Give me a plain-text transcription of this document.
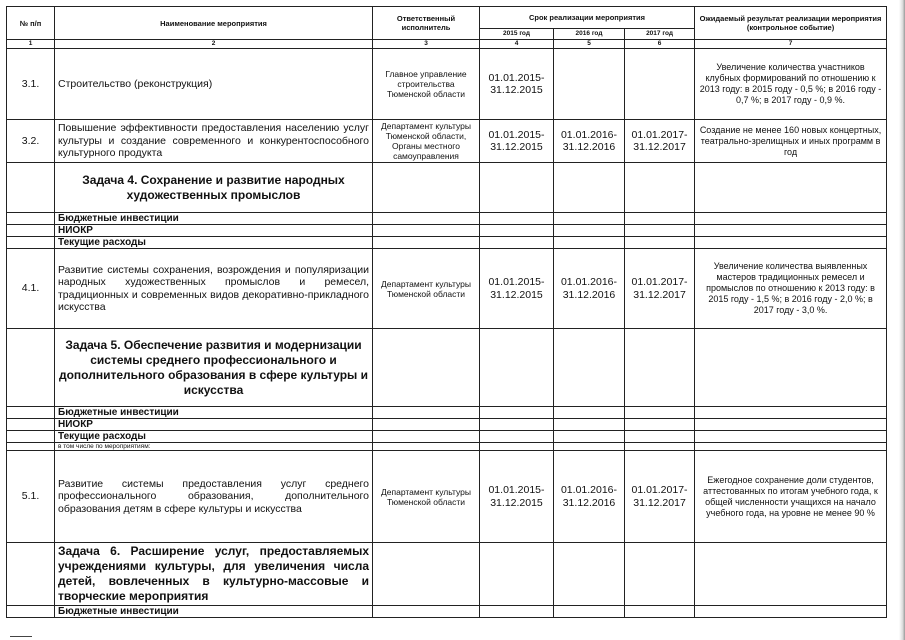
№ п/п	Наименование мероприятия	Ответственный исполнитель	Срок реализации мероприятия			Ожидаемый результат реализации мероприятия (контрольное событие)
			2015 год	2016 год	2017 год	
1	2	3	4	5	6	7
3.1.	Строительство (реконструкция)	Главное управление строительства Тюменской области	01.01.2015-31.12.2015			Увеличение количества участников клубных формирований по отношению к 2013 году: в 2015 году - 0,5 %; в 2016 году - 0,7 %; в 2017 году - 0,9 %.
3.2.	Повышение эффективности предоставления населению услуг культуры и создание современного и конкурентоспособного культурного продукта	Департамент культуры Тюменской области, Органы местного самоуправления	01.01.2015-31.12.2015	01.01.2016-31.12.2016	01.01.2017-31.12.2017	Создание не менее 160 новых концертных, театрально-зрелищных и иных программ в год
	Задача 4. Сохранение и развитие народных художественных промыслов					
	Бюджетные инвестиции					
	НИОКР					
	Текущие расходы					
4.1.	Развитие системы сохранения, возрождения и популяризации народных художественных промыслов и ремесел, традиционных и современных видов декоративно-прикладного искусства	Департамент культуры Тюменской области	01.01.2015-31.12.2015	01.01.2016-31.12.2016	01.01.2017-31.12.2017	Увеличение количества выявленных мастеров традиционных ремесел и промыслов по отношению к 2013 году: в 2015 году - 1,5 %; в 2016 году - 2,0 %; в 2017 году - 3,0 %.
	Задача 5. Обеспечение развития и модернизации системы среднего профессионального и дополнительного образования в сфере культуры и искусства					
	Бюджетные инвестиции					
	НИОКР					
	Текущие расходы					
	в том числе по мероприятиям:					
5.1.	Развитие системы предоставления услуг среднего профессионального образования, дополнительного образования детям в сфере культуры и искусства	Департамент культуры Тюменской области	01.01.2015-31.12.2015	01.01.2016-31.12.2016	01.01.2017-31.12.2017	Ежегодное сохранение доли студентов, аттестованных по итогам учебного года, к общей численности учащихся на начало учебного года, на уровне не менее 90 %
	Задача 6. Расширение услуг, предоставляемых учреждениями культуры, для увеличения числа детей, вовлеченных в культурно-массовые и творческие мероприятия					
	Бюджетные инвестиции					
